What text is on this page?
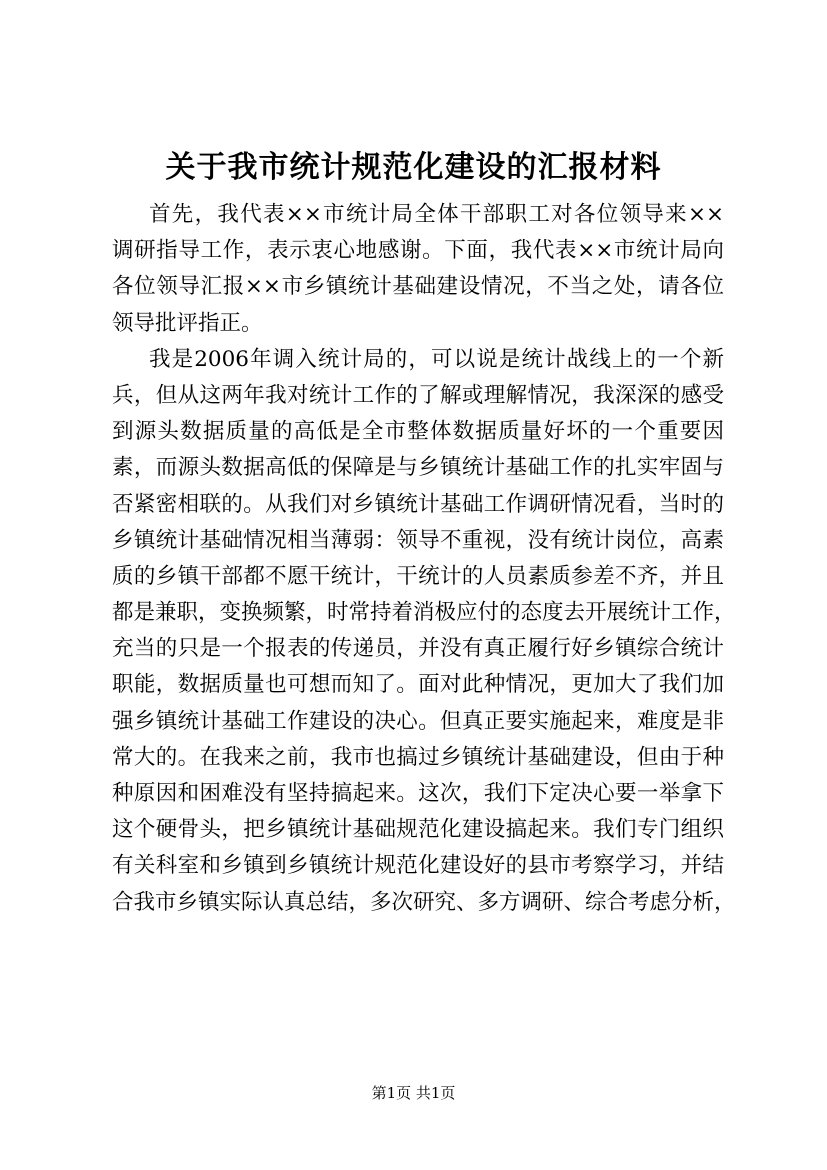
关于我市统计规范化建设的汇报材料
首先，我代表××市统计局全体干部职工对各位领导来××
调研指导工作，表示衷心地感谢。下面，我代表××市统计局向
各位领导汇报××市乡镇统计基础建设情况，不当之处，请各位
领导批评指正。
我是2006年调入统计局的，可以说是统计战线上的一个新
兵，但从这两年我对统计工作的了解或理解情况，我深深的感受
到源头数据质量的高低是全市整体数据质量好坏的一个重要因
素，而源头数据高低的保障是与乡镇统计基础工作的扎实牢固与
否紧密相联的。从我们对乡镇统计基础工作调研情况看，当时的
乡镇统计基础情况相当薄弱：领导不重视，没有统计岗位，高素
质的乡镇干部都不愿干统计，干统计的人员素质参差不齐，并且
都是兼职，变换频繁，时常持着消极应付的态度去开展统计工作，
充当的只是一个报表的传递员，并没有真正履行好乡镇综合统计
职能，数据质量也可想而知了。面对此种情况，更加大了我们加
强乡镇统计基础工作建设的决心。但真正要实施起来，难度是非
常大的。在我来之前，我市也搞过乡镇统计基础建设，但由于种
种原因和困难没有坚持搞起来。这次，我们下定决心要一举拿下
这个硬骨头，把乡镇统计基础规范化建设搞起来。我们专门组织
有关科室和乡镇到乡镇统计规范化建设好的县市考察学习，并结
合我市乡镇实际认真总结，多次研究、多方调研、综合考虑分析，
第1页 共1页
